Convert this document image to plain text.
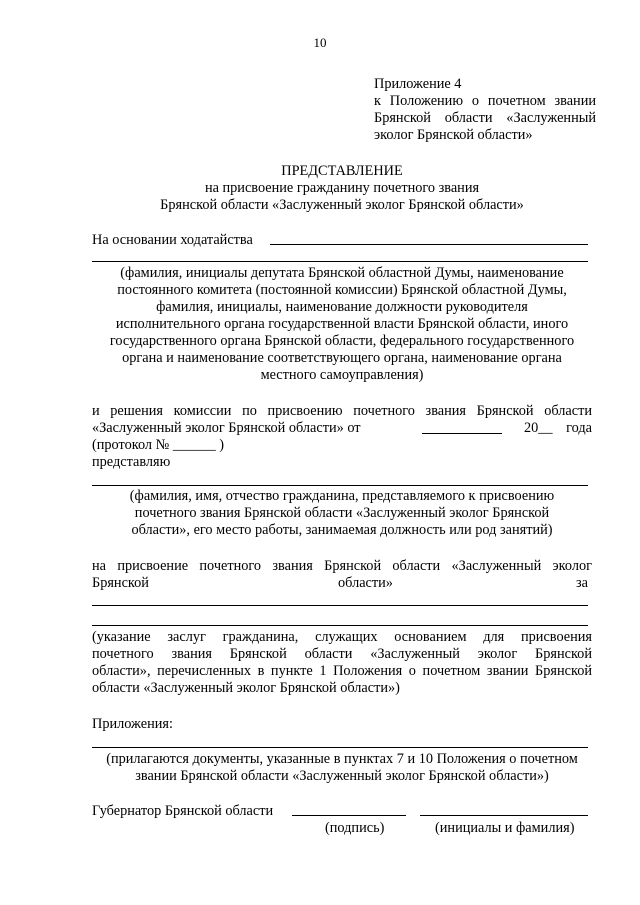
10
Приложение 4
к Положению о почетном звании
Брянской области «Заслуженный
эколог Брянской области»
ПРЕДСТАВЛЕНИЕ
на присвоение гражданину почетного звания
Брянской области «Заслуженный эколог Брянской области»
На основании ходатайства
(фамилия, инициалы депутата Брянской областной Думы, наименование
постоянного комитета (постоянной комиссии) Брянской областной Думы,
фамилия, инициалы, наименование должности руководителя
исполнительного органа государственной власти Брянской области, иного
государственного органа Брянской области, федерального государственного
органа и наименование соответствующего органа, наименование органа
местного самоуправления)
и решения комиссии по присвоению почетного звания Брянской области
«Заслуженный эколог Брянской области» от	20__ года
(протокол № ______ )
представляю
(фамилия, имя, отчество гражданина, представляемого к присвоению
почетного звания Брянской области «Заслуженный эколог Брянской
области», его место работы, занимаемая должность или род занятий)
на присвоение почетного звания Брянской области «Заслуженный эколог
Брянской	области»	за
(указание заслуг гражданина, служащих основанием для присвоения
почетного звания Брянской области «Заслуженный эколог Брянской
области», перечисленных в пункте 1 Положения о почетном звании Брянской
области «Заслуженный эколог Брянской области»)
Приложения:
(прилагаются документы, указанные в пунктах 7 и 10 Положения о почетном
звании Брянской области «Заслуженный эколог Брянской области»)
Губернатор Брянской области
(подпись)	(инициалы и фамилия)
